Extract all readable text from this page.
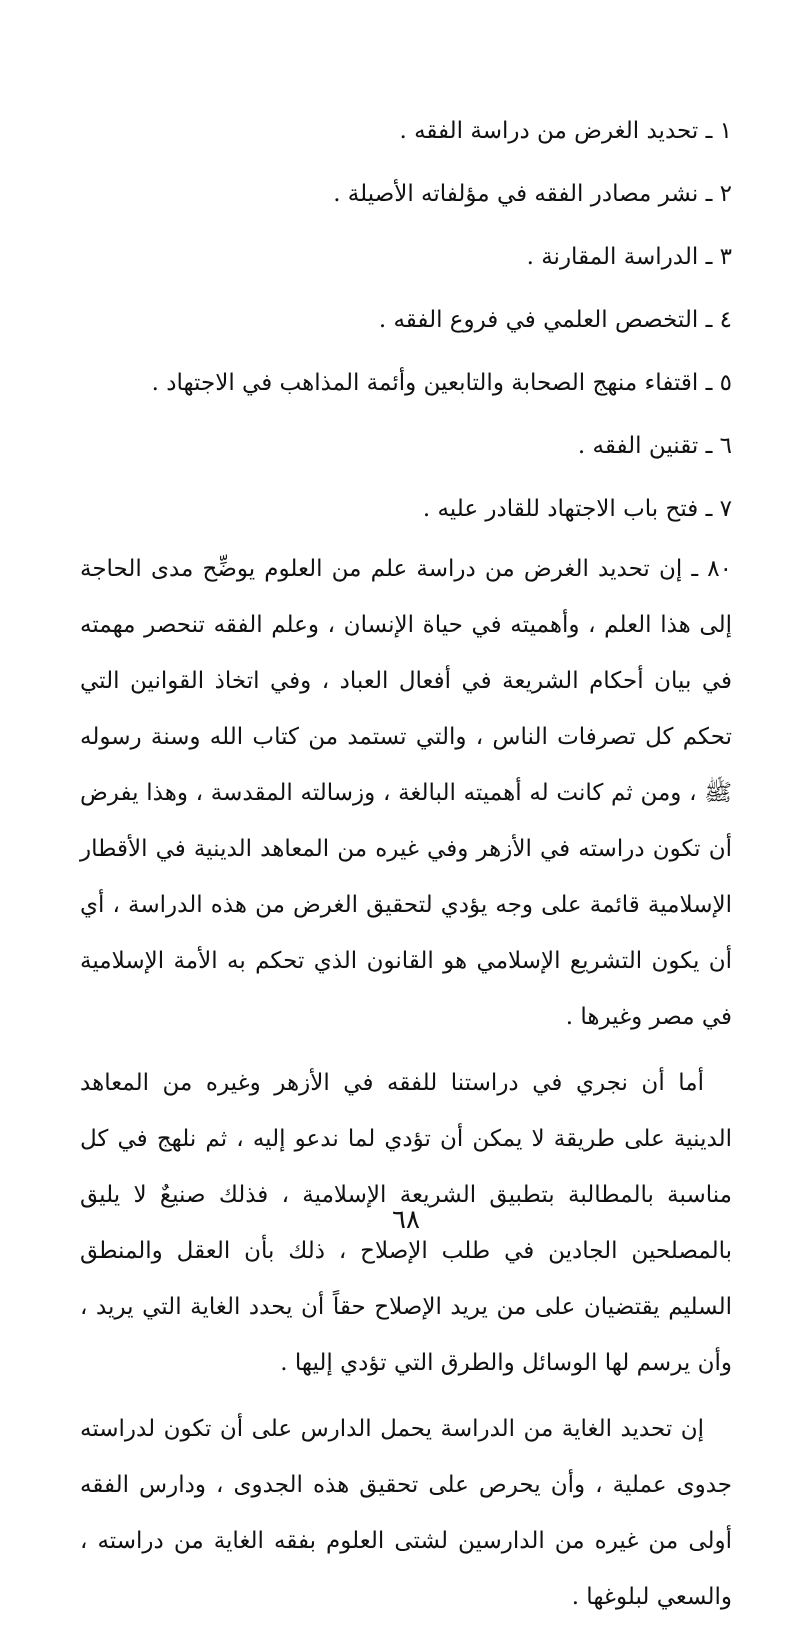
١ ـ تحديد الغرض من دراسة الفقه .

٢ ـ نشر مصادر الفقه في مؤلفاته الأصيلة .

٣ ـ الدراسة المقارنة .

٤ ـ التخصص العلمي في فروع الفقه .

٥ ـ اقتفاء منهج الصحابة والتابعين وأئمة المذاهب في الاجتهاد .

٦ ـ تقنين الفقه .

٧ ـ فتح باب الاجتهاد للقادر عليه .

٨٠ ـ إن تحديد الغرض من دراسة علم من العلوم يوضِّح مدى الحاجة إلى هذا العلم ، وأهميته في حياة الإنسان ، وعلم الفقه تنحصر مهمته في بيان أحكام الشريعة في أفعال العباد ، وفي اتخاذ القوانين التي تحكم كل تصرفات الناس ، والتي تستمد من كتاب الله وسنة رسوله ﷺ ، ومن ثم كانت له أهميته البالغة ، وزسالته المقدسة ، وهذا يفرض أن تكون دراسته في الأزهر وفي غيره من المعاهد الدينية في الأقطار الإسلامية قائمة على وجه يؤدي لتحقيق الغرض من هذه الدراسة ، أي أن يكون التشريع الإسلامي هو القانون الذي تحكم به الأمة الإسلامية في مصر وغيرها .

أما أن نجري في دراستنا للفقه في الأزهر وغيره من المعاهد الدينية على طريقة لا يمكن أن تؤدي لما ندعو إليه ، ثم نلهج في كل مناسبة بالمطالبة بتطبيق الشريعة الإسلامية ، فذلك صنيعٌ لا يليق بالمصلحين الجادين في طلب الإصلاح ، ذلك بأن العقل والمنطق السليم يقتضيان على من يريد الإصلاح حقاً أن يحدد الغاية التي يريد ، وأن يرسم لها الوسائل والطرق التي تؤدي إليها .

إن تحديد الغاية من الدراسة يحمل الدارس على أن تكون لدراسته جدوى عملية ، وأن يحرص على تحقيق هذه الجدوى ، ودارس الفقه أولى من غيره من الدارسين لشتى العلوم بفقه الغاية من دراسته ، والسعي لبلوغها .

٦٨
